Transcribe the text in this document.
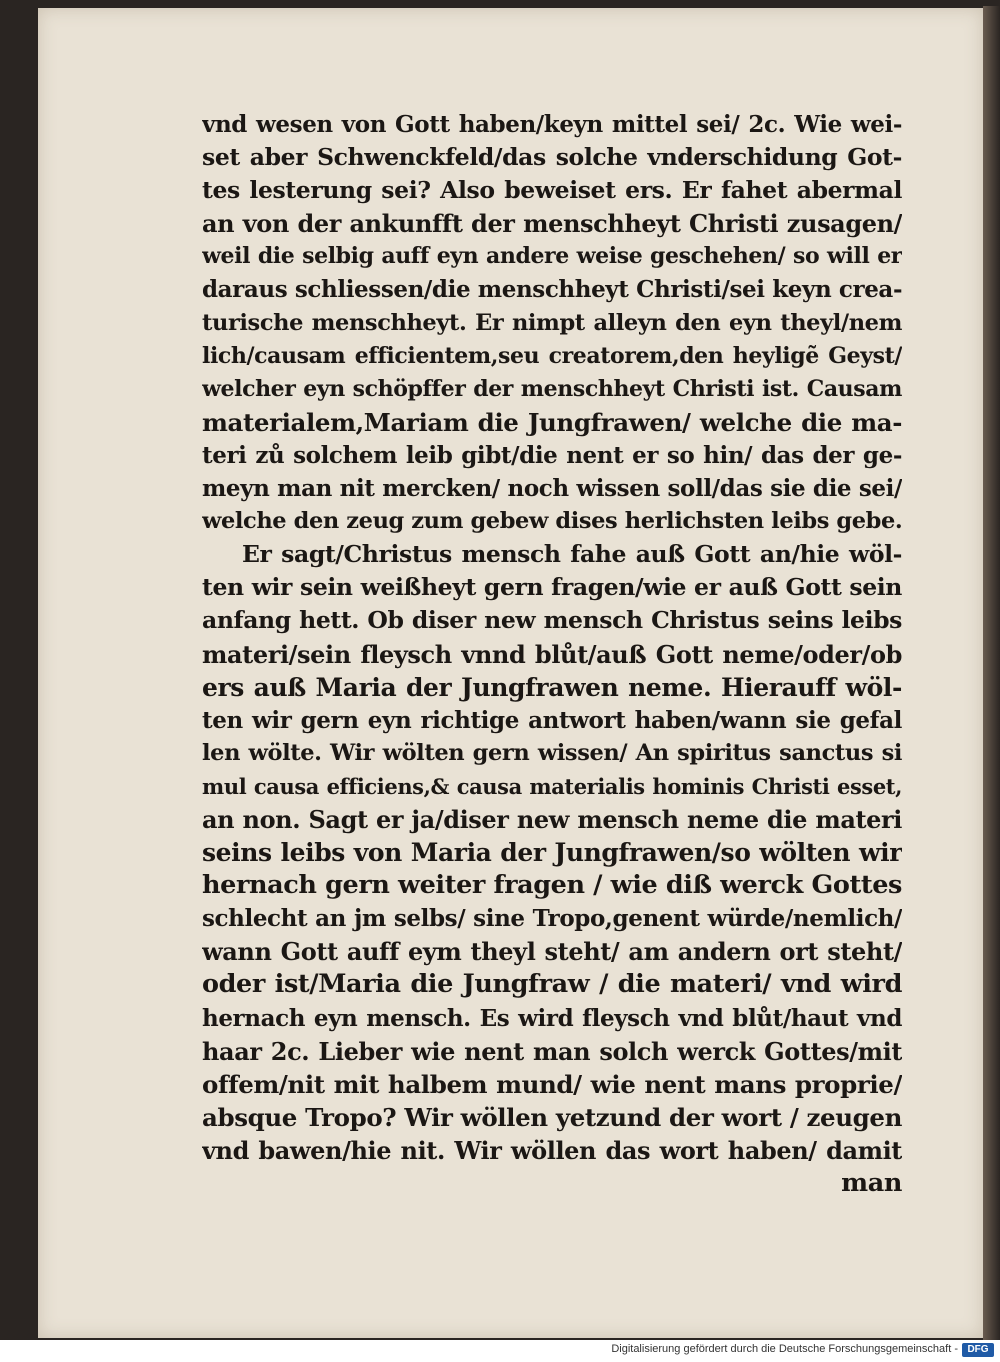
vnd wesen von Gott haben/keyn mittel sei/ 2c. Wie wei-
set aber Schwenckfeld/das solche vnderschidung Got-
tes lesterung sei? Also beweiset ers. Er fahet abermal
an von der ankunfft der menschheyt Christi zusagen/
weil die selbig auff eyn andere weise geschehen/ so will er
daraus schliessen/die menschheyt Christi/sei keyn crea-
turische menschheyt. Er nimpt alleyn den eyn theyl/nem
lich/causam efficientem,seu creatorem,den heyligẽ Geyst/
welcher eyn schöpffer der menschheyt Christi ist. Causam
materialem,Mariam die Jungfrawen/ welche die ma-
teri zů solchem leib gibt/die nent er so hin/ das der ge-
meyn man nit mercken/ noch wissen soll/das sie die sei/
welche den zeug zum gebew dises herlichsten leibs gebe.
Er sagt/Christus mensch fahe auß Gott an/hie wöl-
ten wir sein weißheyt gern fragen/wie er auß Gott sein
anfang hett. Ob diser new mensch Christus seins leibs
materi/sein fleysch vnnd blůt/auß Gott neme/oder/ob
ers auß Maria der Jungfrawen neme. Hierauff wöl-
ten wir gern eyn richtige antwort haben/wann sie gefal
len wölte. Wir wölten gern wissen/ An spiritus sanctus si
mul causa efficiens,& causa materialis hominis Christi esset,
an non. Sagt er ja/diser new mensch neme die materi
seins leibs von Maria der Jungfrawen/so wölten wir
hernach gern weiter fragen / wie diß werck Gottes
schlecht an jm selbs/ sine Tropo,genent würde/nemlich/
wann Gott auff eym theyl steht/ am andern ort steht/
oder ist/Maria die Jungfraw / die materi/ vnd wird
hernach eyn mensch. Es wird fleysch vnd blůt/haut vnd
haar 2c. Lieber wie nent man solch werck Gottes/mit
offem/nit mit halbem mund/ wie nent mans proprie/
absque Tropo? Wir wöllen yetzund der wort / zeugen
vnd bawen/hie nit. Wir wöllen das wort haben/ damit
man
Digitalisierung gefördert durch die Deutsche Forschungsgemeinschaft - DFG
